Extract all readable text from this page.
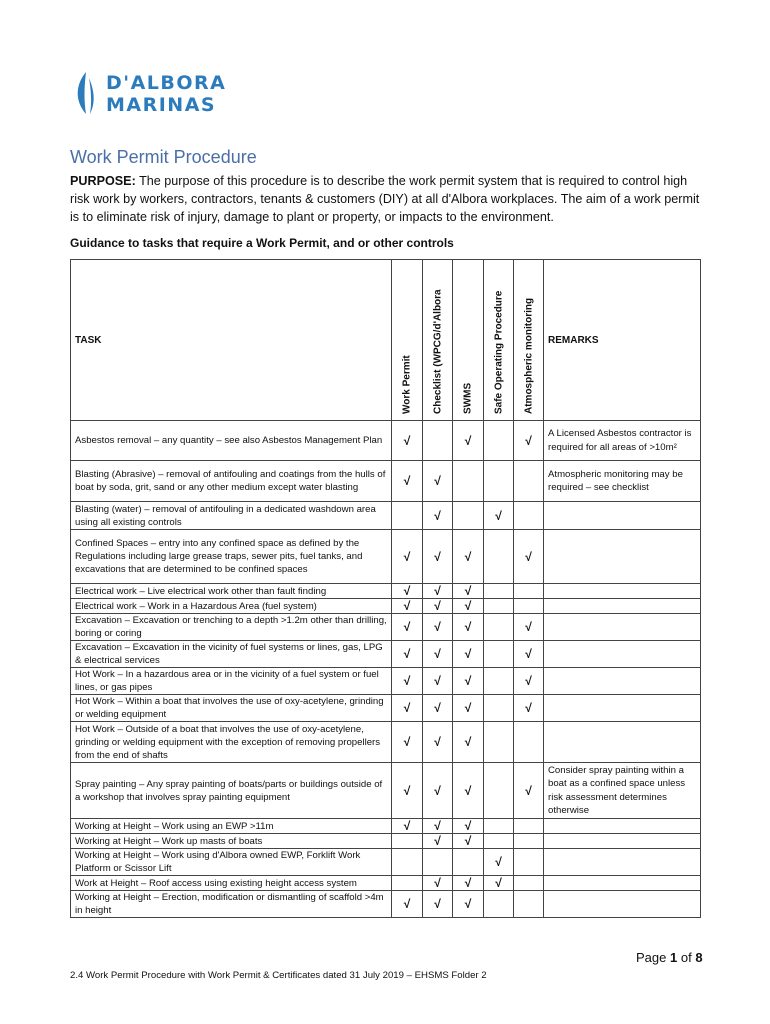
D'ALBORA
MARINAS
Work Permit Procedure
PURPOSE: The purpose of this procedure is to describe the work permit system that is required to control high risk work by workers, contractors, tenants & customers (DIY) at all d'Albora workplaces. The aim of a work permit is to eliminate risk of injury, damage to plant or property, or impacts to the environment.
Guidance to tasks that require a Work Permit, and or other controls
TASK	Work Permit	Checklist (WPCG/d'Albora	SWMS	Safe Operating Procedure	Atmospheric monitoring	REMARKS
Asbestos removal – any quantity – see also Asbestos Management Plan	√		√		√	A Licensed Asbestos contractor is required for all areas of >10m²
Blasting (Abrasive) – removal of antifouling and coatings from the hulls of boat by soda, grit, sand or any other medium except water blasting	√	√				Atmospheric monitoring may be required – see checklist
Blasting (water) – removal of antifouling in a dedicated washdown area using all existing controls		√		√		
Confined Spaces – entry into any confined space as defined by the Regulations including large grease traps, sewer pits, fuel tanks, and excavations that are determined to be confined spaces	√	√	√		√	
Electrical work – Live electrical work other than fault finding	√	√	√			
Electrical work – Work in a Hazardous Area (fuel system)	√	√	√			
Excavation – Excavation or trenching to a depth >1.2m other than drilling, boring or coring	√	√	√		√	
Excavation – Excavation in the vicinity of fuel systems or lines, gas, LPG & electrical services	√	√	√		√	
Hot Work – In a hazardous area or in the vicinity of a fuel system or fuel lines, or gas pipes	√	√	√		√	
Hot Work – Within a boat that involves the use of oxy-acetylene, grinding or welding equipment	√	√	√		√	
Hot Work – Outside of a boat that involves the use of oxy-acetylene, grinding or welding equipment with the exception of removing propellers from the end of shafts	√	√	√			
Spray painting – Any spray painting of boats/parts or buildings outside of a workshop that involves spray painting equipment	√	√	√		√	Consider spray painting within a boat as a confined space unless risk assessment determines otherwise
Working at Height – Work using an EWP >11m	√	√	√			
Working at Height – Work up masts of boats		√	√			
Working at Height – Work using d'Albora owned EWP, Forklift Work Platform or Scissor Lift				√		
Work at Height – Roof access using existing height access system		√	√	√		
Working at Height – Erection, modification or dismantling of scaffold >4m in height	√	√	√			
Page 1 of 8
2.4 Work Permit Procedure with Work Permit & Certificates dated 31 July 2019 – EHSMS Folder 2
